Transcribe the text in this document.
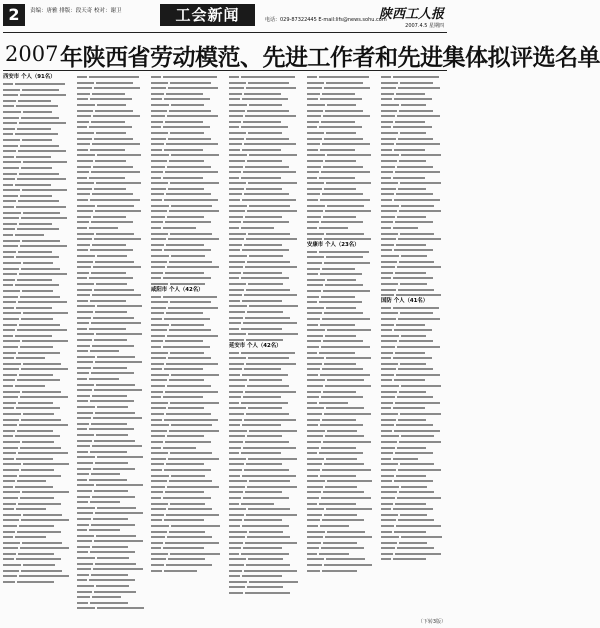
2	责编：唐雅 排版：段天奇 校对：谢卫	工会新闻	电话：029-87322445 E-mail:lifs@news.sohu.com
陕西工人报
2007.4.5 星期四
2007 年陕西省劳动模范、先进工作者和先进集体拟评选名单
西安市 个人（91名）
咸阳市 个人（42名）
延安市 个人（42名）
安康市 个人（23名）
国防 个人（41名）
（下转3版）
